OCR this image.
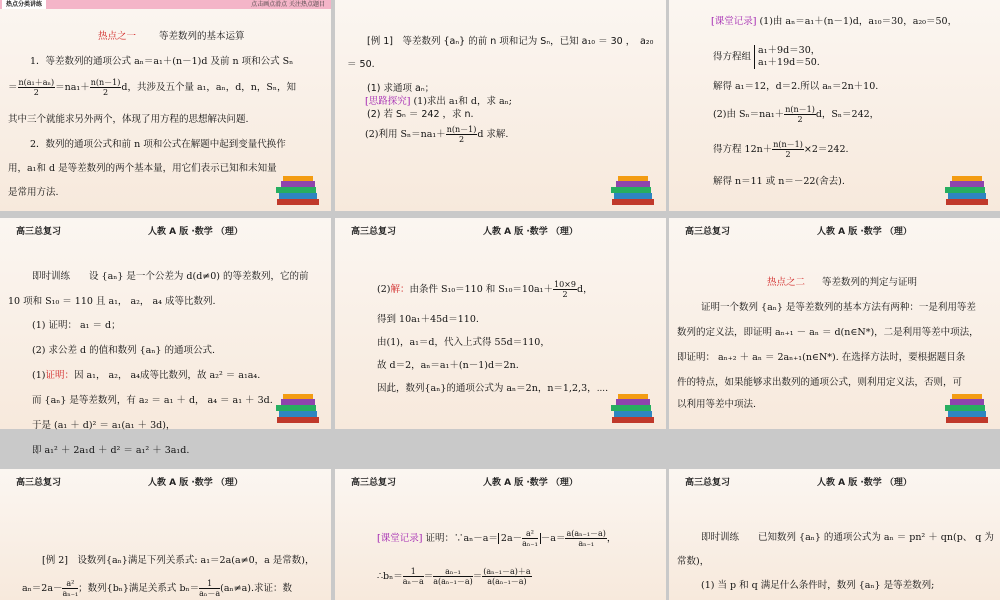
热点分类讲练	点击画点滑点 关注热点题目
热点之一 等差数列的基本运算
1．等差数列的通项公式 aₙ＝a₁＋(n－1)d 及前 n 项和公式 Sₙ
＝ $\frac{\text{n(a₁＋aₙ)}}{2} =na_1+ \frac{n(n-1)}{2}$ d，共涉及五个量 a₁，aₙ，d，n，Sₙ，知
其中三个就能求另外两个，体现了用方程的思想解决问题.
2．数列的通项公式和前 n 项和公式在解题中起到变量代换作
用，a₁和 d 是等差数列的两个基本量，用它们表示已知和未知量
是常用方法.
[例 1]　等差数列 {aₙ} 的前 n 项和记为 Sₙ，已知 a₁₀ ＝ 30 ，　a₂₀
＝ 50.
(1) 求通项 aₙ；
[思路探究] (1)求出 a₁和 d，求 aₙ;
(2) 若 Sₙ ＝ 242 ，求 n.
(2)利用 $S_n=na_1+ \frac{n(n-1)}{2}$ d 求解.
[课堂记录] (1)由 aₙ＝a₁＋(n－1)d，a₁₀＝30，a₂₀＝50，
得方程组
a₁＋9d＝30，
a₁＋19d＝50.
解得 a₁＝12，d＝2.所以 aₙ＝2n＋10.
(2)由 $S_n=na_1+ \frac{n(n-1)}{2}$ d，Sₙ＝242，
得方程 $12n+ \frac{n(n-1)}{2} \times 2=242$.
解得 n＝11 或 n＝－22(舍去).
高三总复习	人教 A 版 ·数学 （理）
即时训练　　设 {aₙ} 是一个公差为 d(d≠0) 的等差数列，它的前
10 项和 S₁₀ ＝ 110 且 a₁， a₂， a₄ 成等比数列.
(1) 证明： a₁ ＝ d；
(2) 求公差 d 的值和数列 {aₙ} 的通项公式.
(1)证明：因 a₁， a₂， a₄成等比数列，故 a₂² ＝ a₁a₄.
而 {aₙ} 是等差数列，有 a₂ ＝ a₁ ＋ d， a₄ ＝ a₁ ＋ 3d.
于是 (a₁ ＋ d)² ＝ a₁(a₁ ＋ 3d)，
即 a₁² ＋ 2a₁d ＋ d² ＝ a₁² ＋ 3a₁d.
高三总复习	人教 A 版 ·数学 （理）
(2)解：由条件 S₁₀＝110 和 $S_{10}=10a_1+ \frac{10\times 9}{2}$ d，
得到 10a₁＋45d＝110.
由(1)，a₁＝d，代入上式得 55d＝110，
故 d＝2，aₙ＝a₁＋(n－1)d＝2n.
因此，数列{aₙ}的通项公式为 aₙ＝2n，n＝1,2,3，⋯.
高三总复习	人教 A 版 ·数学 （理）
热点之二 等差数列的判定与证明
证明一个数列 {aₙ} 是等差数列的基本方法有两种：一是利用等差
数列的定义法，即证明 aₙ₊₁ － aₙ ＝ d(n∈N*)，二是利用等差中项法，
即证明： aₙ₊₂ ＋ aₙ ＝ 2aₙ₊₁(n∈N*). 在选择方法时，要根据题目条
件的特点，如果能够求出数列的通项公式，则利用定义法，否则，可
以利用等差中项法.
高三总复习	人教 A 版 ·数学 （理）
[例 2]　设数列{aₙ}满足下列关系式: a₁＝2a(a≠0，a 是常数)，
$a_n=2a- \frac{\text{a²}}{\text{aₙ₋₁}}$ ；数列{bₙ}满足关系式 $b_n= \frac{1}{\text{aₙ－a}} (a_n\ne a)$.求证：数
高三总复习	人教 A 版 ·数学 （理）
[课堂记录] 证明：∵aₙ－a＝ $2a- \frac{\text{a²}}{\text{aₙ₋₁}} -a= \frac{\text{a(aₙ₋₁－a)}}{\text{aₙ₋₁}}$ ，
∴bₙ＝ $\frac{1}{\text{aₙ－a}} = \frac{\text{aₙ₋₁}}{\text{a(aₙ₋₁－a)}} = \frac{\text{(aₙ₋₁－a)＋a}}{\text{a(aₙ₋₁－a)}}$
高三总复习	人教 A 版 ·数学 （理）
即时训练　　已知数列 {aₙ} 的通项公式为 aₙ ＝ pn² ＋ qn(p、 q 为
常数)，
(1) 当 p 和 q 满足什么条件时，数列 {aₙ} 是等差数列;
